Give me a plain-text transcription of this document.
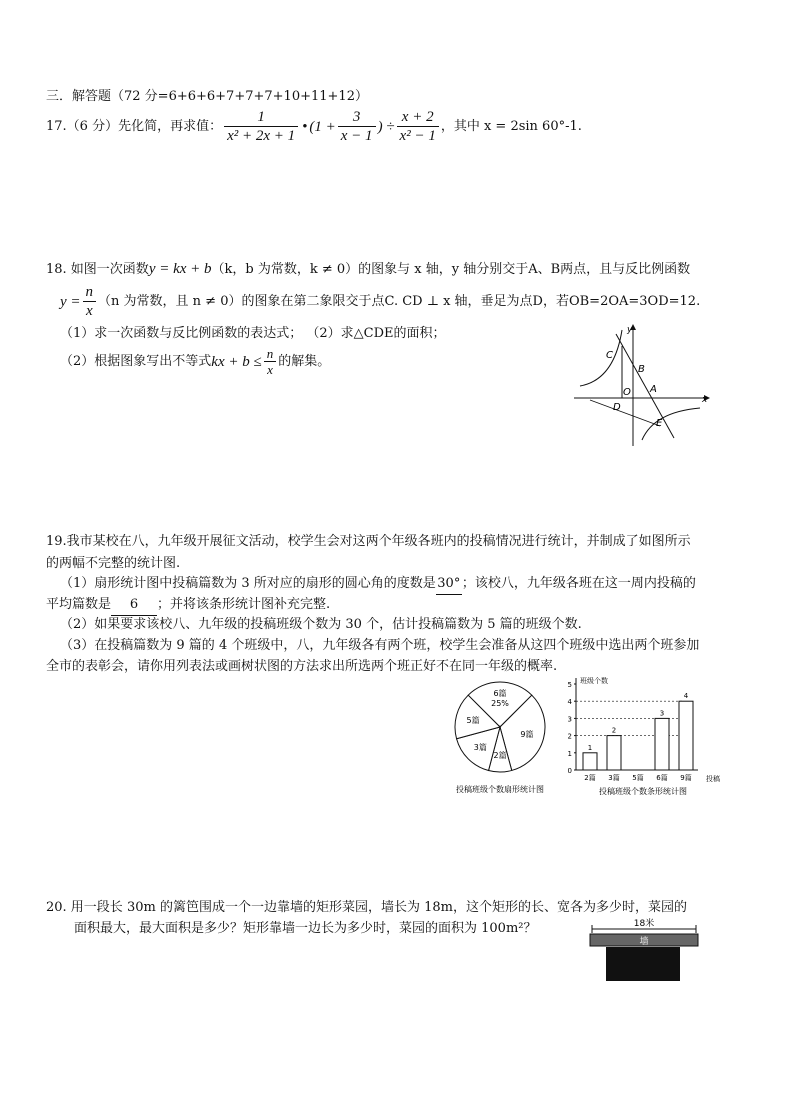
三．解答题（72 分=6+6+6+7+7+7+10+11+12）
17.（6 分）先化简，再求值： $\frac{1}{\text{x² + 2x + 1}}$ • ($1 + \frac{3}{x - 1}$ ) ÷ $\frac{x + 2}{\text{x² − 1}}$ ，其中 x = 2sin 60°-1.
18. 如图一次函数y = kx + b（k，b 为常数，k ≠ 0）的图象与 x 轴，y 轴分别交于A、B两点，且与反比例函数
$y = \frac{n}{x} (n$ 为常数，且 n ≠ 0）的图象在第二象限交于点C. CD ⊥ x 轴，垂足为点D，若OB=2OA=3OD=12.
（1）求一次函数与反比例函数的表达式； （2）求△CDE的面积；
（2）根据图象写出不等式 kx + $b \le \frac{n}{x}$ 的解集。
y
x
C
B
O A
D
E
19.我市某校在八，九年级开展征文活动，校学生会对这两个年级各班内的投稿情况进行统计，并制成了如图所示
的两幅不完整的统计图.
（1）扇形统计图中投稿篇数为 3 所对应的扇形的圆心角的度数是30°；该校八，九年级各班在这一周内投稿的
平均篇数是 6 ；并将该条形统计图补充完整.
（2）如果要求该校八、九年级的投稿班级个数为 30 个，估计投稿篇数为 5 篇的班级个数.
（3）在投稿篇数为 9 篇的 4 个班级中，八，九年级各有两个班，校学生会准备从这四个班级中选出两个班参加
全市的表彰会，请你用列表法或画树状图的方法求出所选两个班正好不在同一年级的概率.
6篇
25%
9篇
2篇
3篇
5篇
投稿班级个数扇形统计图
班级个数
投稿
0
1
2
3
4
5
1
2篇
2
3篇 5篇
3
6篇
4
9篇
投稿班级个数条形统计图
20. 用一段长 30m 的篱笆围成一个一边靠墙的矩形菜园，墙长为 18m，这个矩形的长、宽各为多少时，菜园的
面积最大，最大面积是多少？矩形靠墙一边长为多少时，菜园的面积为 100m²？	18米
墙
